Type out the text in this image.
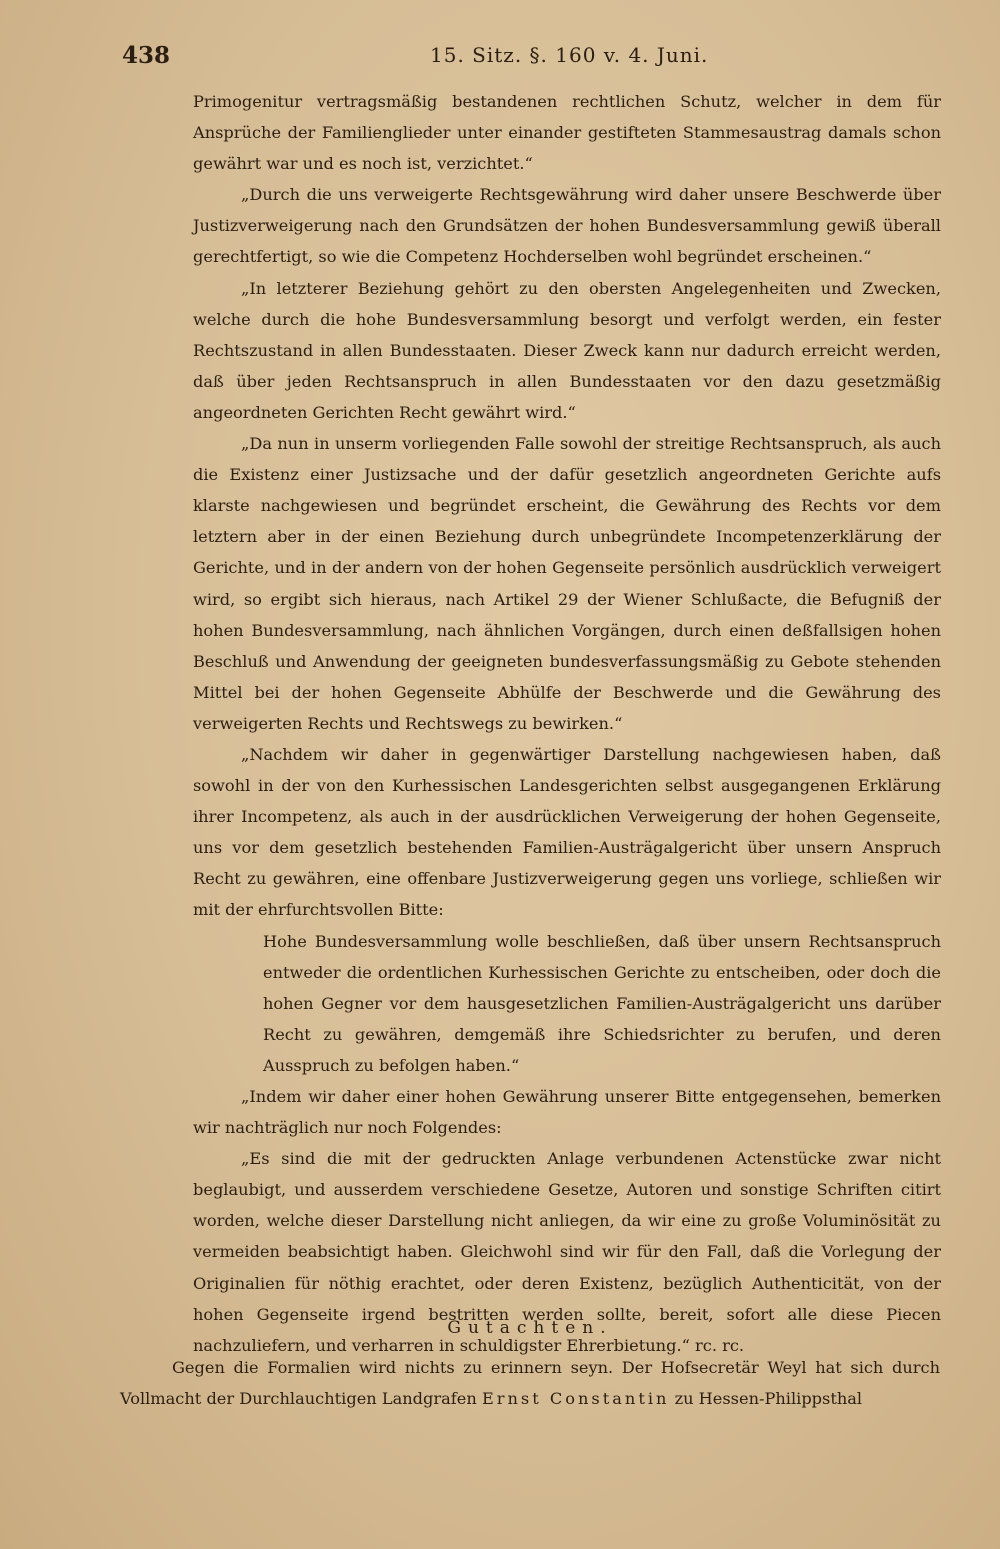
438	15. Sitz. §. 160 v. 4. Juni.

Primogenitur vertragsmäßig bestandenen rechtlichen Schutz, welcher in dem für Ansprüche der Familienglieder unter einander gestifteten Stammesaustrag damals schon gewährt war und es noch ist, verzichtet.“

„Durch die uns verweigerte Rechtsgewährung wird daher unsere Beschwerde über Justizverweigerung nach den Grundsätzen der hohen Bundesversammlung gewiß überall gerechtfertigt, so wie die Competenz Hochderselben wohl begründet erscheinen.“

„In letzterer Beziehung gehört zu den obersten Angelegenheiten und Zwecken, welche durch die hohe Bundesversammlung besorgt und verfolgt werden, ein fester Rechtszustand in allen Bundesstaaten. Dieser Zweck kann nur dadurch erreicht werden, daß über jeden Rechtsanspruch in allen Bundesstaaten vor den dazu gesetzmäßig angeordneten Gerichten Recht gewährt wird.“

„Da nun in unserm vorliegenden Falle sowohl der streitige Rechtsanspruch, als auch die Existenz einer Justizsache und der dafür gesetzlich angeordneten Gerichte aufs klarste nachgewiesen und begründet erscheint, die Gewährung des Rechts vor dem letztern aber in der einen Beziehung durch unbegründete Incompetenzerklärung der Gerichte, und in der andern von der hohen Gegenseite persönlich ausdrücklich verweigert wird, so ergibt sich hieraus, nach Artikel 29 der Wiener Schlußacte, die Befugniß der hohen Bundesversammlung, nach ähnlichen Vorgängen, durch einen deßfallsigen hohen Beschluß und Anwendung der geeigneten bundesverfassungsmäßig zu Gebote stehenden Mittel bei der hohen Gegenseite Abhülfe der Beschwerde und die Gewährung des verweigerten Rechts und Rechtswegs zu bewirken.“

„Nachdem wir daher in gegenwärtiger Darstellung nachgewiesen haben, daß sowohl in der von den Kurhessischen Landesgerichten selbst ausgegangenen Erklärung ihrer Incompetenz, als auch in der ausdrücklichen Verweigerung der hohen Gegenseite, uns vor dem gesetzlich bestehenden Familien-Austrägalgericht über unsern Anspruch Recht zu gewähren, eine offenbare Justizverweigerung gegen uns vorliege, schließen wir mit der ehrfurchtsvollen Bitte:

Hohe Bundesversammlung wolle beschließen, daß über unsern Rechtsanspruch entweder die ordentlichen Kurhessischen Gerichte zu entscheiben, oder doch die hohen Gegner vor dem hausgesetzlichen Familien-Austrägalgericht uns darüber Recht zu gewähren, demgemäß ihre Schiedsrichter zu berufen, und deren Ausspruch zu befolgen haben.“

„Indem wir daher einer hohen Gewährung unserer Bitte entgegensehen, bemerken wir nachträglich nur noch Folgendes:

„Es sind die mit der gedruckten Anlage verbundenen Actenstücke zwar nicht beglaubigt, und ausserdem verschiedene Gesetze, Autoren und sonstige Schriften citirt worden, welche dieser Darstellung nicht anliegen, da wir eine zu große Voluminösität zu vermeiden beabsichtigt haben. Gleichwohl sind wir für den Fall, daß die Vorlegung der Originalien für nöthig erachtet, oder deren Existenz, bezüglich Authenticität, von der hohen Gegenseite irgend bestritten werden sollte, bereit, sofort alle diese Piecen nachzuliefern, und verharren in schuldigster Ehrerbietung.“ rc. rc.

Gutachten.

Gegen die Formalien wird nichts zu erinnern seyn. Der Hofsecretär Weyl hat sich durch Vollmacht der Durchlauchtigen Landgrafen Ernst Constantin zu Hessen-Philippsthal
